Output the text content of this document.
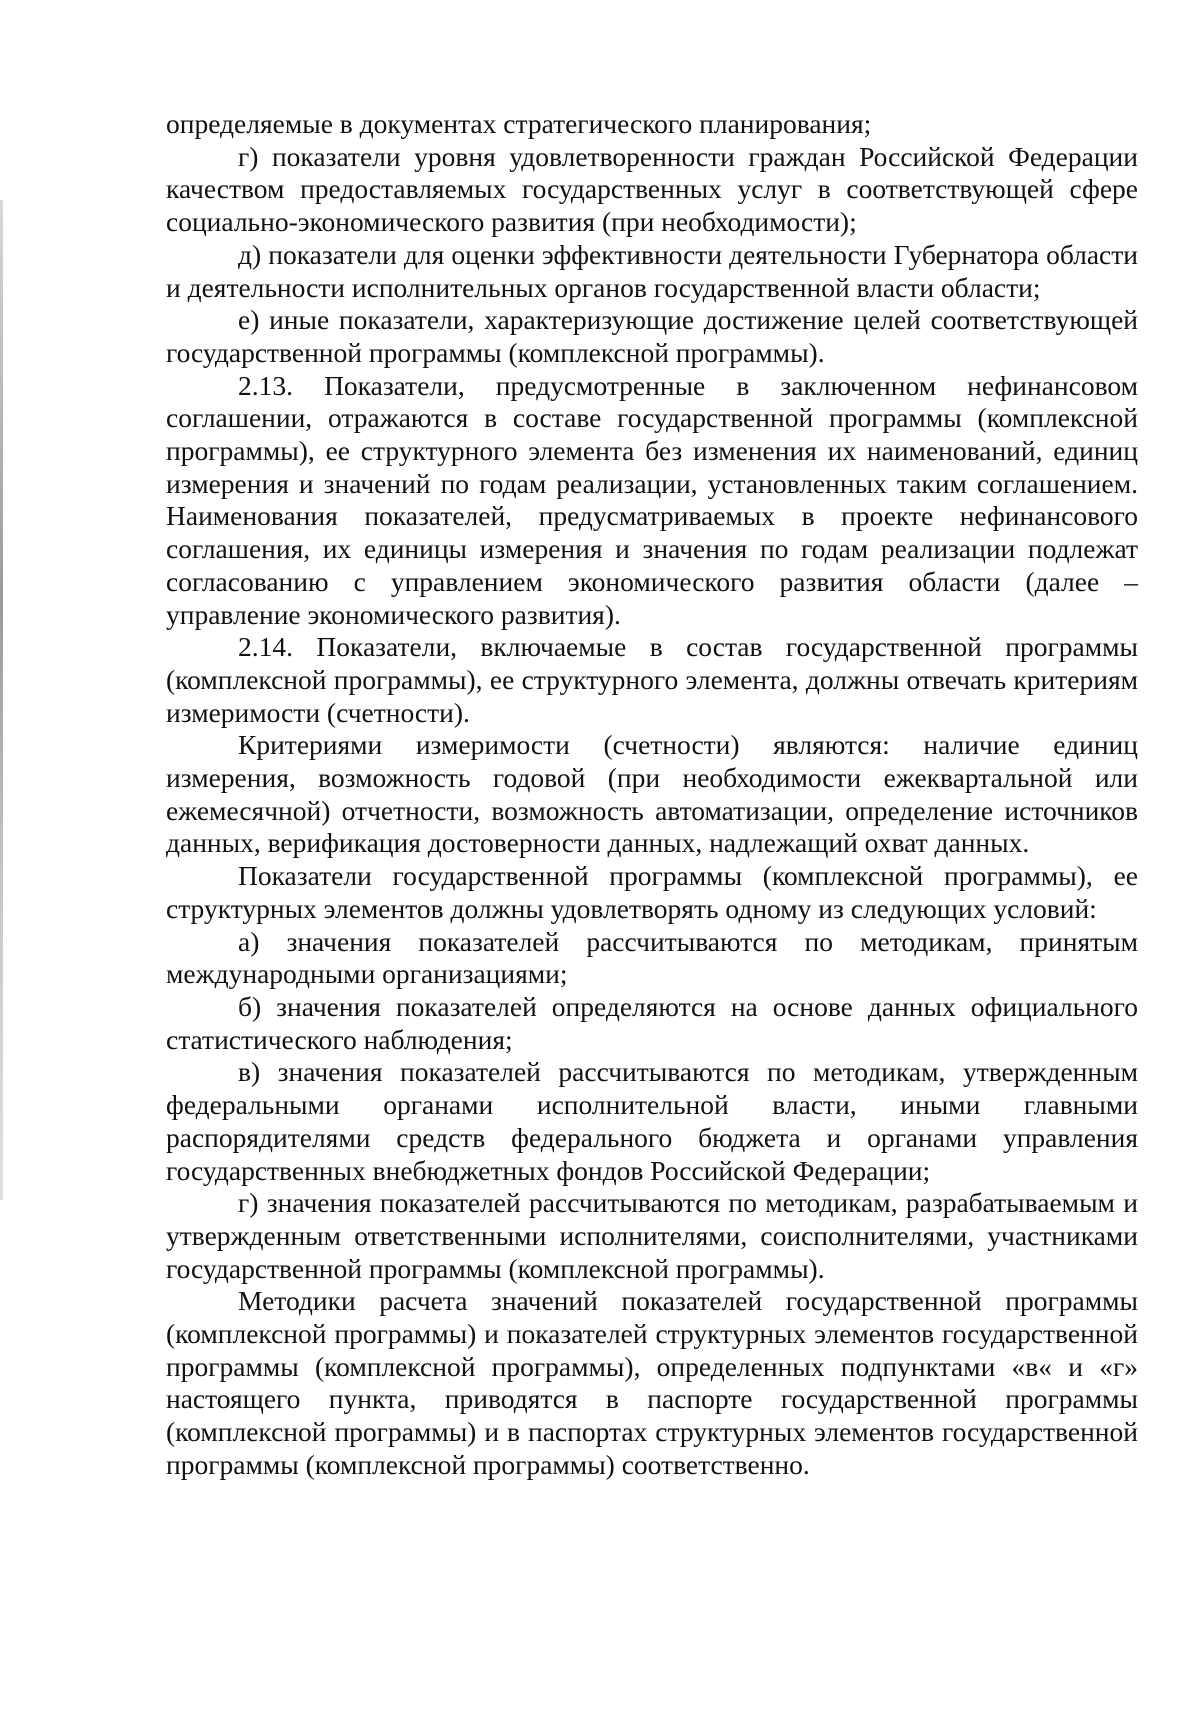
определяемые в документах стратегического планирования;

г) показатели уровня удовлетворенности граждан Российской Федерации качеством предоставляемых государственных услуг в соответствующей сфере социально-экономического развития (при необходимости);

д) показатели для оценки эффективности деятельности Губернатора области и деятельности исполнительных органов государственной власти области;

е) иные показатели, характеризующие достижение целей соответствующей государственной программы (комплексной программы).

2.13. Показатели, предусмотренные в заключенном нефинансовом соглашении, отражаются в составе государственной программы (комплексной программы), ее структурного элемента без изменения их наименований, единиц измерения и значений по годам реализации, установленных таким соглашением. Наименования показателей, предусматриваемых в проекте нефинансового соглашения, их единицы измерения и значения по годам реализации подлежат согласованию с управлением экономического развития области (далее – управление экономического развития).

2.14. Показатели, включаемые в состав государственной программы (комплексной программы), ее структурного элемента, должны отвечать критериям измеримости (счетности).

Критериями измеримости (счетности) являются: наличие единиц измерения, возможность годовой (при необходимости ежеквартальной или ежемесячной) отчетности, возможность автоматизации, определение источников данных, верификация достоверности данных, надлежащий охват данных.

Показатели государственной программы (комплексной программы), ее структурных элементов должны удовлетворять одному из следующих условий:

а) значения показателей рассчитываются по методикам, принятым международными организациями;

б) значения показателей определяются на основе данных официального статистического наблюдения;

в) значения показателей рассчитываются по методикам, утвержденным федеральными органами исполнительной власти, иными главными распорядителями средств федерального бюджета и органами управления государственных внебюджетных фондов Российской Федерации;

г) значения показателей рассчитываются по методикам, разрабатываемым и утвержденным ответственными исполнителями, соисполнителями, участниками государственной программы (комплексной программы).

Методики расчета значений показателей государственной программы (комплексной программы) и показателей структурных элементов государственной программы (комплексной программы), определенных подпунктами «в« и «г» настоящего пункта, приводятся в паспорте государственной программы (комплексной программы) и в паспортах структурных элементов государственной программы (комплексной программы) соответственно.
